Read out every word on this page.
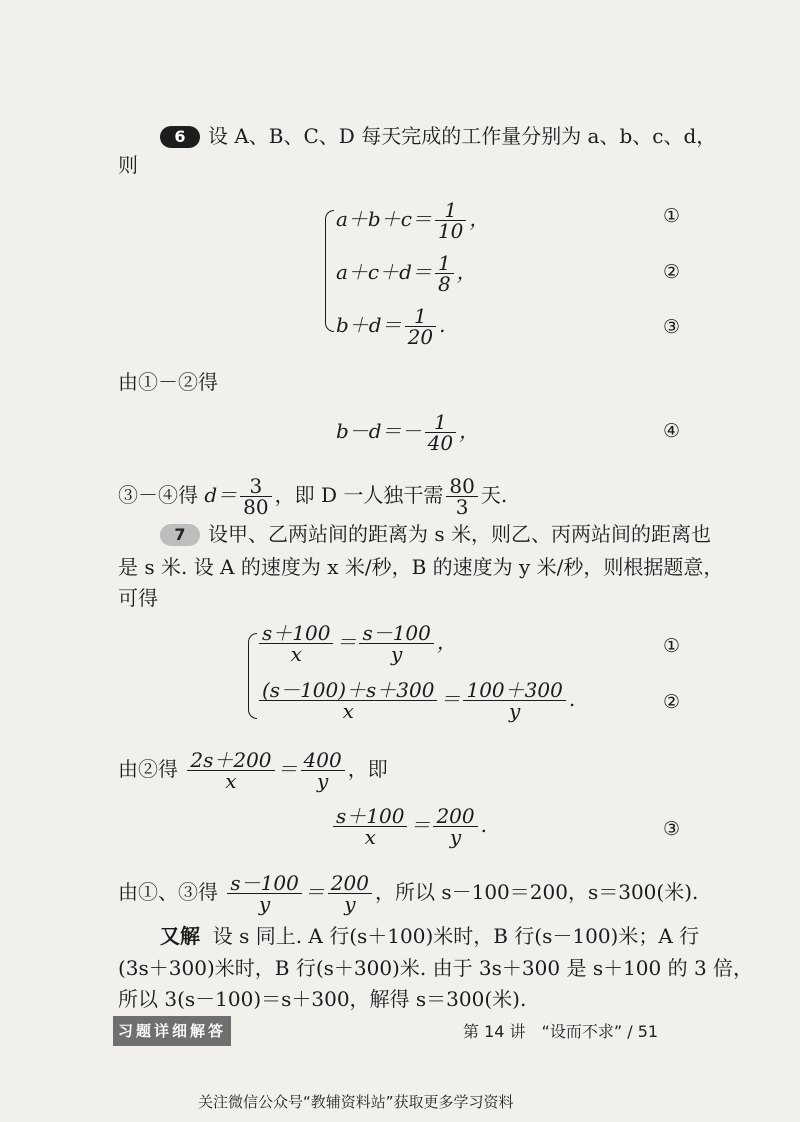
6 设 A、B、C、D 每天完成的工作量分别为 a、b、c、d，
则
$a+b+c= \frac{1}{10}$ ，	①
$a+c+d= \frac{1}{8}$ ，	②
$b+d= \frac{1}{20}$ .	③
由①－②得
$b-d=- \frac{1}{40}$ ，	④
③－④得 $d= \frac{3}{80}$ ，即 D 一人独干需 $\frac{80}{3}$ 天.
7 设甲、乙两站间的距离为 s 米，则乙、丙两站间的距离也
是 s 米. 设 A 的速度为 x 米/秒，B 的速度为 y 米/秒，则根据题意，
可得
$\frac{s+100}{x} = \frac{s-100}{y}$ ，	①
$\frac{(s-100)+s+300}{x} = \frac{100+300}{y}$ .	②
由②得 $\frac{2s+200}{x} = \frac{400}{y}$ ，即
$\frac{s+100}{x} = \frac{200}{y}$ .	③
由①、③得 $\frac{s-100}{y} = \frac{200}{y}$ ，所以 s－100＝200，s＝300(米).
又解 设 s 同上. A 行(s＋100)米时，B 行(s－100)米；A 行
(3s＋300)米时，B 行(s＋300)米. 由于 3s＋300 是 s＋100 的 3 倍，
所以 3(s－100)＝s＋300，解得 s＝300(米).
习题详细解答	第 14 讲　“设而不求” / 51
关注微信公众号“教辅资料站”获取更多学习资料
